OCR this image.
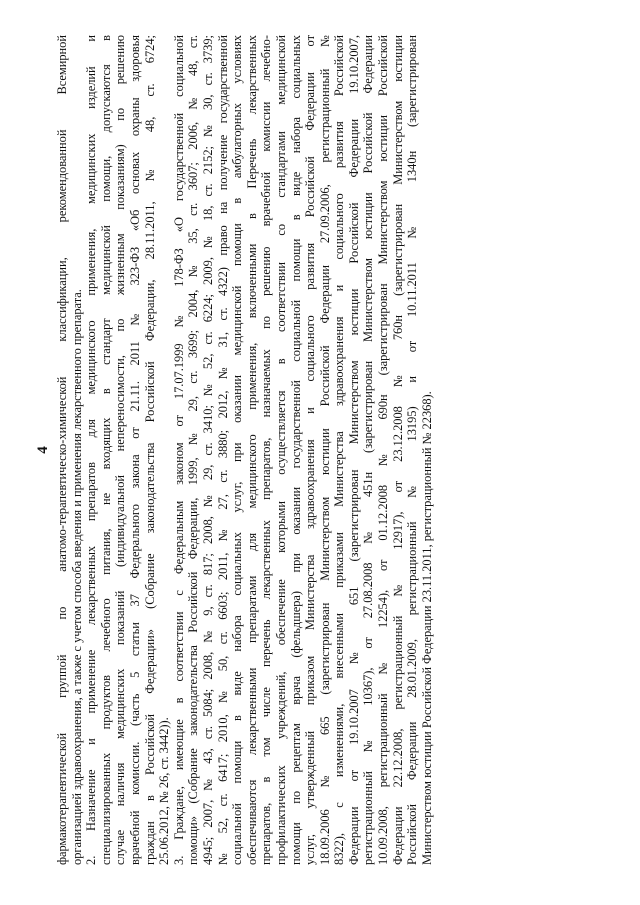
4 фармакотерапевтической группой по анатомо-терапевтическо-химической классификации, рекомендованной Всемирной организацией здравоохранения, а также с учетом способа введения и применения лекарственного препарата. 2. Назначение и применение лекарственных препаратов для медицинского применения, медицинских изделий и специализированных продуктов лечебного питания, не входящих в стандарт медицинской помощи, допускаются в случае наличия медицинских показаний (индивидуальной непереносимости, по жизненным показаниям) по решению врачебной комиссии. (часть 5 статьи 37 Федерального закона от 21.11. 2011 № 323-ФЗ «Об основах охраны здоровья граждан в Российской Федерации» (Собрание законодательства Российской Федерации, 28.11.2011, № 48, ст. 6724; 25.06.2012, № 26, ст. 3442)). 3. Граждане, имеющие в соответствии с Федеральным законом от 17.07.1999 № 178-ФЗ «О государственной социальной помощи» (Собрание законодательства Российской Федерации, 1999, № 29, ст. 3699; 2004, № 35, ст. 3607; 2006, № 48, ст. 4945; 2007, № 43, ст. 5084; 2008, № 9, ст. 817; 2008, № 29, ст. 3410; № 52, ст. 6224; 2009, № 18, ст. 2152; № 30, ст. 3739; № 52, ст. 6417; 2010, № 50, ст. 6603; 2011, № 27, ст. 3880; 2012, № 31, ст. 4322) право на получение государственной социальной помощи в виде набора социальных услуг, при оказании медицинской помощи в амбулаторных условиях обеспечиваются лекарственными препаратами для медицинского применения, включенными в Перечень лекарственных препаратов, в том числе перечень лекарственных препаратов, назначаемых по решению врачебной комиссии лечебно- профилактических учреждений, обеспечение которыми осуществляется в соответствии со стандартами медицинской помощи по рецептам врача (фельдшера) при оказании государственной социальной помощи в виде набора социальных услуг, утвержденный приказом Министерства здравоохранения и социального развития Российской Федерации от 18.09.2006 № 665 (зарегистрирован Министерством юстиции Российской Федерации 27.09.2006, регистрационный № 8322), с изменениями, внесенными приказами Министерства здравоохранения и социального развития Российской Федерации от 19.10.2007 № 651 (зарегистрирован Министерством юстиции Российской Федерации 19.10.2007, регистрационный № 10367), от 27.08.2008 № 451н (зарегистрирован Министерством юстиции Российской Федерации 10.09.2008, регистрационный № 12254), от 01.12.2008 № 690н (зарегистрирован Министерством юстиции Российской Федерации 22.12.2008, регистрационный № 12917), от 23.12.2008 № 760н (зарегистрирован Министерством юстиции Российской Федерации 28.01.2009, регистрационный № 13195) и от 10.11.2011 № 1340н (зарегистрирован Министерством юстиции Российской Федерации 23.11.2011, регистрационный № 22368).
